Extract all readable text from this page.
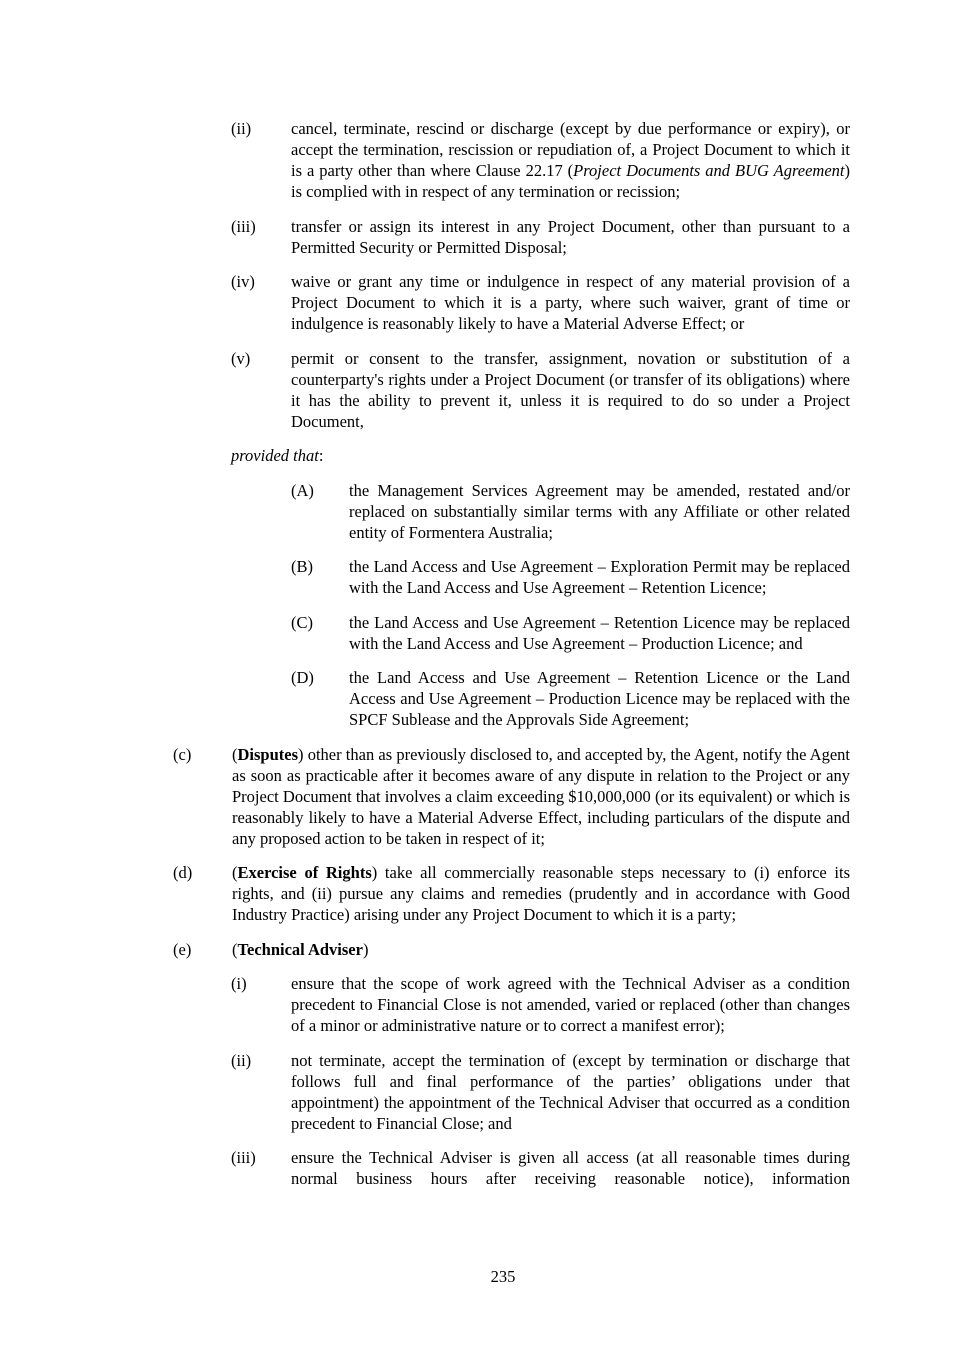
(ii)	cancel, terminate, rescind or discharge (except by due performance or expiry), or accept the termination, rescission or repudiation of, a Project Document to which it is a party other than where Clause 22.17 (Project Documents and BUG Agreement) is complied with in respect of any termination or recission;
(iii)	transfer or assign its interest in any Project Document, other than pursuant to a Permitted Security or Permitted Disposal;
(iv)	waive or grant any time or indulgence in respect of any material provision of a Project Document to which it is a party, where such waiver, grant of time or indulgence is reasonably likely to have a Material Adverse Effect; or
(v)	permit or consent to the transfer, assignment, novation or substitution of a counterparty's rights under a Project Document (or transfer of its obligations) where it has the ability to prevent it, unless it is required to do so under a Project Document,
provided that:
(A)	the Management Services Agreement may be amended, restated and/or replaced on substantially similar terms with any Affiliate or other related entity of Formentera Australia;
(B)	the Land Access and Use Agreement – Exploration Permit may be replaced with the Land Access and Use Agreement – Retention Licence;
(C)	the Land Access and Use Agreement – Retention Licence may be replaced with the Land Access and Use Agreement – Production Licence; and
(D)	the Land Access and Use Agreement – Retention Licence or the Land Access and Use Agreement – Production Licence may be replaced with the SPCF Sublease and the Approvals Side Agreement;
(c)	(Disputes) other than as previously disclosed to, and accepted by, the Agent, notify the Agent as soon as practicable after it becomes aware of any dispute in relation to the Project or any Project Document that involves a claim exceeding $10,000,000 (or its equivalent) or which is reasonably likely to have a Material Adverse Effect, including particulars of the dispute and any proposed action to be taken in respect of it;
(d)	(Exercise of Rights) take all commercially reasonable steps necessary to (i) enforce its rights, and (ii) pursue any claims and remedies (prudently and in accordance with Good Industry Practice) arising under any Project Document to which it is a party;
(e)	(Technical Adviser)
(i)	ensure that the scope of work agreed with the Technical Adviser as a condition precedent to Financial Close is not amended, varied or replaced (other than changes of a minor or administrative nature or to correct a manifest error);
(ii)	not terminate, accept the termination of (except by termination or discharge that follows full and final performance of the parties’ obligations under that appointment) the appointment of the Technical Adviser that occurred as a condition precedent to Financial Close; and
(iii)	ensure the Technical Adviser is given all access (at all reasonable times during normal business hours after receiving reasonable notice), information
235
